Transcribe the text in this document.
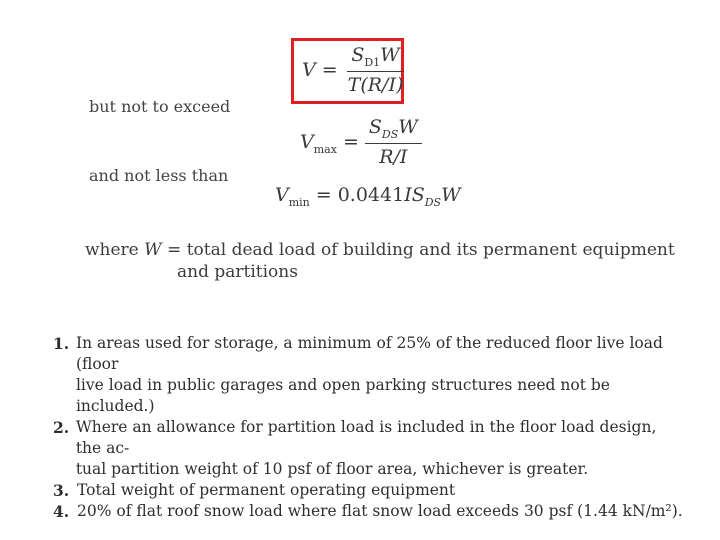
$V = \frac{S_{D1}W}{T(R/I)}$
but not to exceed
$V_{max} = \frac{S_{DS}W}{R/I}$
and not less than
$V_{min} = 0.0441IS_{DS}W$
where W = total dead load of building and its permanent equipment
and partitions
1. In areas used for storage, a minimum of 25% of the reduced floor live load (floor
live load in public garages and open parking structures need not be included.)
2. Where an allowance for partition load is included in the floor load design, the ac-
tual partition weight of 10 psf of floor area, whichever is greater.
3. Total weight of permanent operating equipment
4. 20% of flat roof snow load where flat snow load exceeds 30 psf (1.44 kN/m²).
